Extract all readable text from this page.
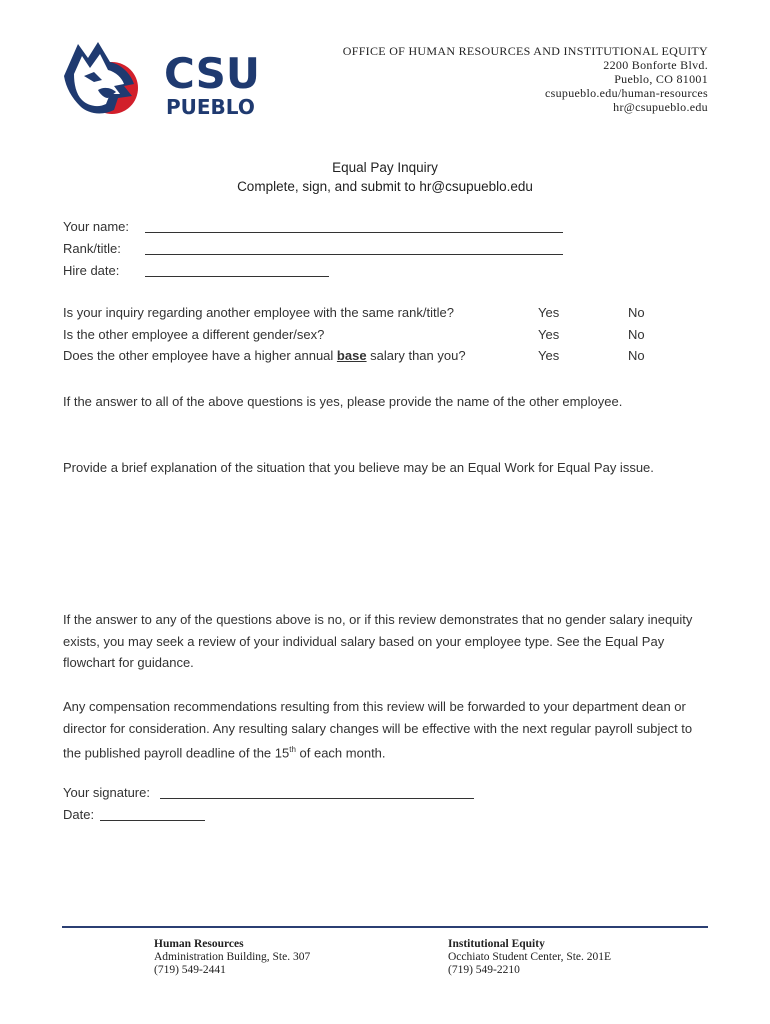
CSU
PUEBLO
OFFICE OF HUMAN RESOURCES AND INSTITUTIONAL EQUITY
2200 Bonforte Blvd.
Pueblo, CO 81001
csupueblo.edu/human-resources
hr@csupueblo.edu
Equal Pay Inquiry
Complete, sign, and submit to hr@csupueblo.edu
Your name:
Rank/title:
Hire date:
Is your inquiry regarding another employee with the same rank/title?	Yes	No
Is the other employee a different gender/sex?	Yes	No
Does the other employee have a higher annual base salary than you?	Yes	No
If the answer to all of the above questions is yes, please provide the name of the other employee.
Provide a brief explanation of the situation that you believe may be an Equal Work for Equal Pay issue.
If the answer to any of the questions above is no, or if this review demonstrates that no gender salary inequity exists, you may seek a review of your individual salary based on your employee type. See the Equal Pay flowchart for guidance.
Any compensation recommendations resulting from this review will be forwarded to your department dean or director for consideration. Any resulting salary changes will be effective with the next regular payroll subject to the published payroll deadline of the 15th of each month.
Your signature:
Date:
Human Resources
Administration Building, Ste. 307
(719) 549-2441
Institutional Equity
Occhiato Student Center, Ste. 201E
(719) 549-2210
